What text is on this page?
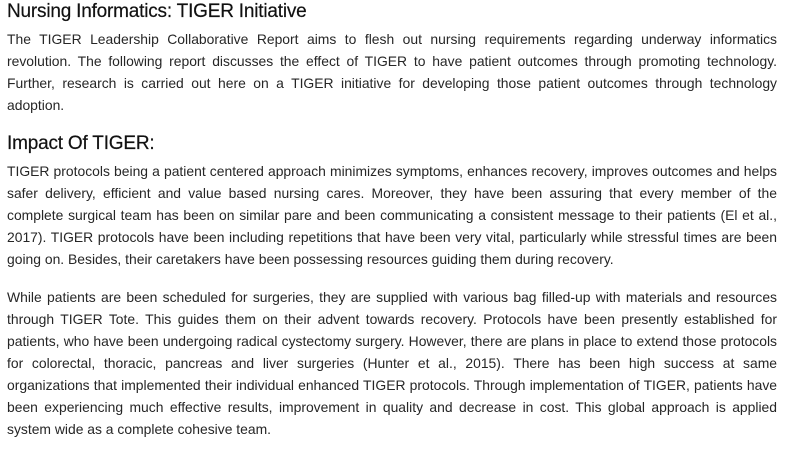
Nursing Informatics: TIGER Initiative

The TIGER Leadership Collaborative Report aims to flesh out nursing requirements regarding underway informatics revolution. The following report discusses the effect of TIGER to have patient outcomes through promoting technology. Further, research is carried out here on a TIGER initiative for developing those patient outcomes through technology adoption.

Impact Of TIGER:

TIGER protocols being a patient centered approach minimizes symptoms, enhances recovery, improves outcomes and helps safer delivery, efficient and value based nursing cares. Moreover, they have been assuring that every member of the complete surgical team has been on similar pare and been communicating a consistent message to their patients (El et al., 2017). TIGER protocols have been including repetitions that have been very vital, particularly while stressful times are been going on. Besides, their caretakers have been possessing resources guiding them during recovery.

While patients are been scheduled for surgeries, they are supplied with various bag filled-up with materials and resources through TIGER Tote. This guides them on their advent towards recovery. Protocols have been presently established for patients, who have been undergoing radical cystectomy surgery. However, there are plans in place to extend those protocols for colorectal, thoracic, pancreas and liver surgeries (Hunter et al., 2015). There has been high success at same organizations that implemented their individual enhanced TIGER protocols. Through implementation of TIGER, patients have been experiencing much effective results, improvement in quality and decrease in cost. This global approach is applied system wide as a complete cohesive team.
